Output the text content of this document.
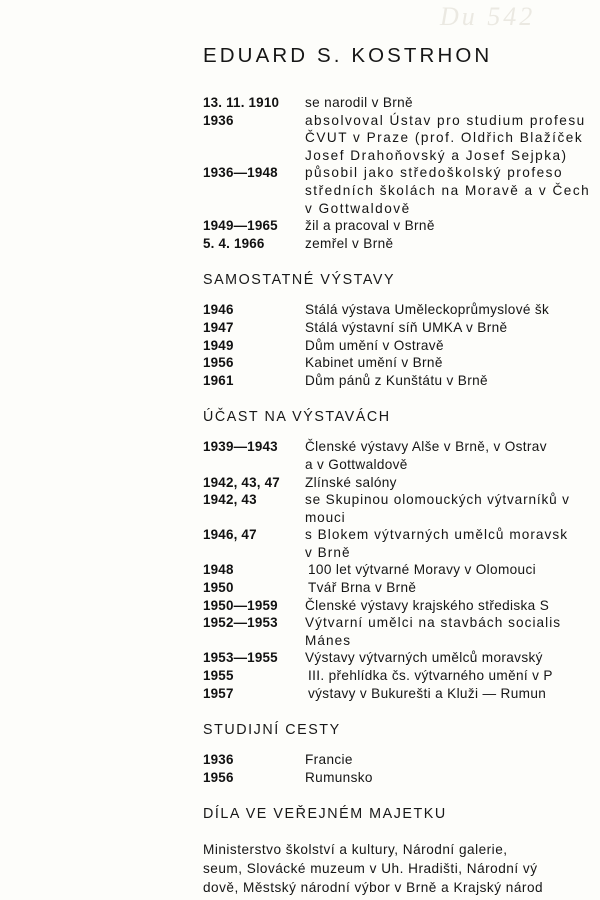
Du 542
EDUARD S. KOSTRHON
13. 11. 1910	se narodil v Brně
1936	absolvoval Ústav pro studium profesu
ČVUT v Praze (prof. Oldřich Blažíček
Josef Drahoňovský a Josef Sejpka)
1936—1948	působil jako středoškolský profeso
středních školách na Moravě a v Čech
v Gottwaldově
1949—1965	žil a pracoval v Brně
5. 4. 1966	zemřel v Brně
SAMOSTATNÉ VÝSTAVY
1946	Stálá výstava Uměleckoprůmyslové šk
1947	Stálá výstavní síň UMKA v Brně
1949	Dům umění v Ostravě
1956	Kabinet umění v Brně
1961	Dům pánů z Kunštátu v Brně
ÚČAST NA VÝSTAVÁCH
1939—1943	Členské výstavy Alše v Brně, v Ostrav
a v Gottwaldově
1942, 43, 47	Zlínské salóny
1942, 43	se Skupinou olomouckých výtvarníků v
mouci
1946, 47	s Blokem výtvarných umělců moravsk
v Brně
1948	100 let výtvarné Moravy v Olomouci
1950	Tvář Brna v Brně
1950—1959	Členské výstavy krajského střediska S
1952—1953	Výtvarní umělci na stavbách socialis
Mánes
1953—1955	Výstavy výtvarných umělců moravský
1955	III. přehlídka čs. výtvarného umění v P
1957	výstavy v Bukurešti a Kluži — Rumun
STUDIJNÍ CESTY
1936	Francie
1956	Rumunsko
DÍLA VE VEŘEJNÉM MAJETKU

Ministerstvo školství a kultury, Národní galerie,
seum, Slovácké muzeum v Uh. Hradišti, Národní vý
dově, Městský národní výbor v Brně a Krajský národ
